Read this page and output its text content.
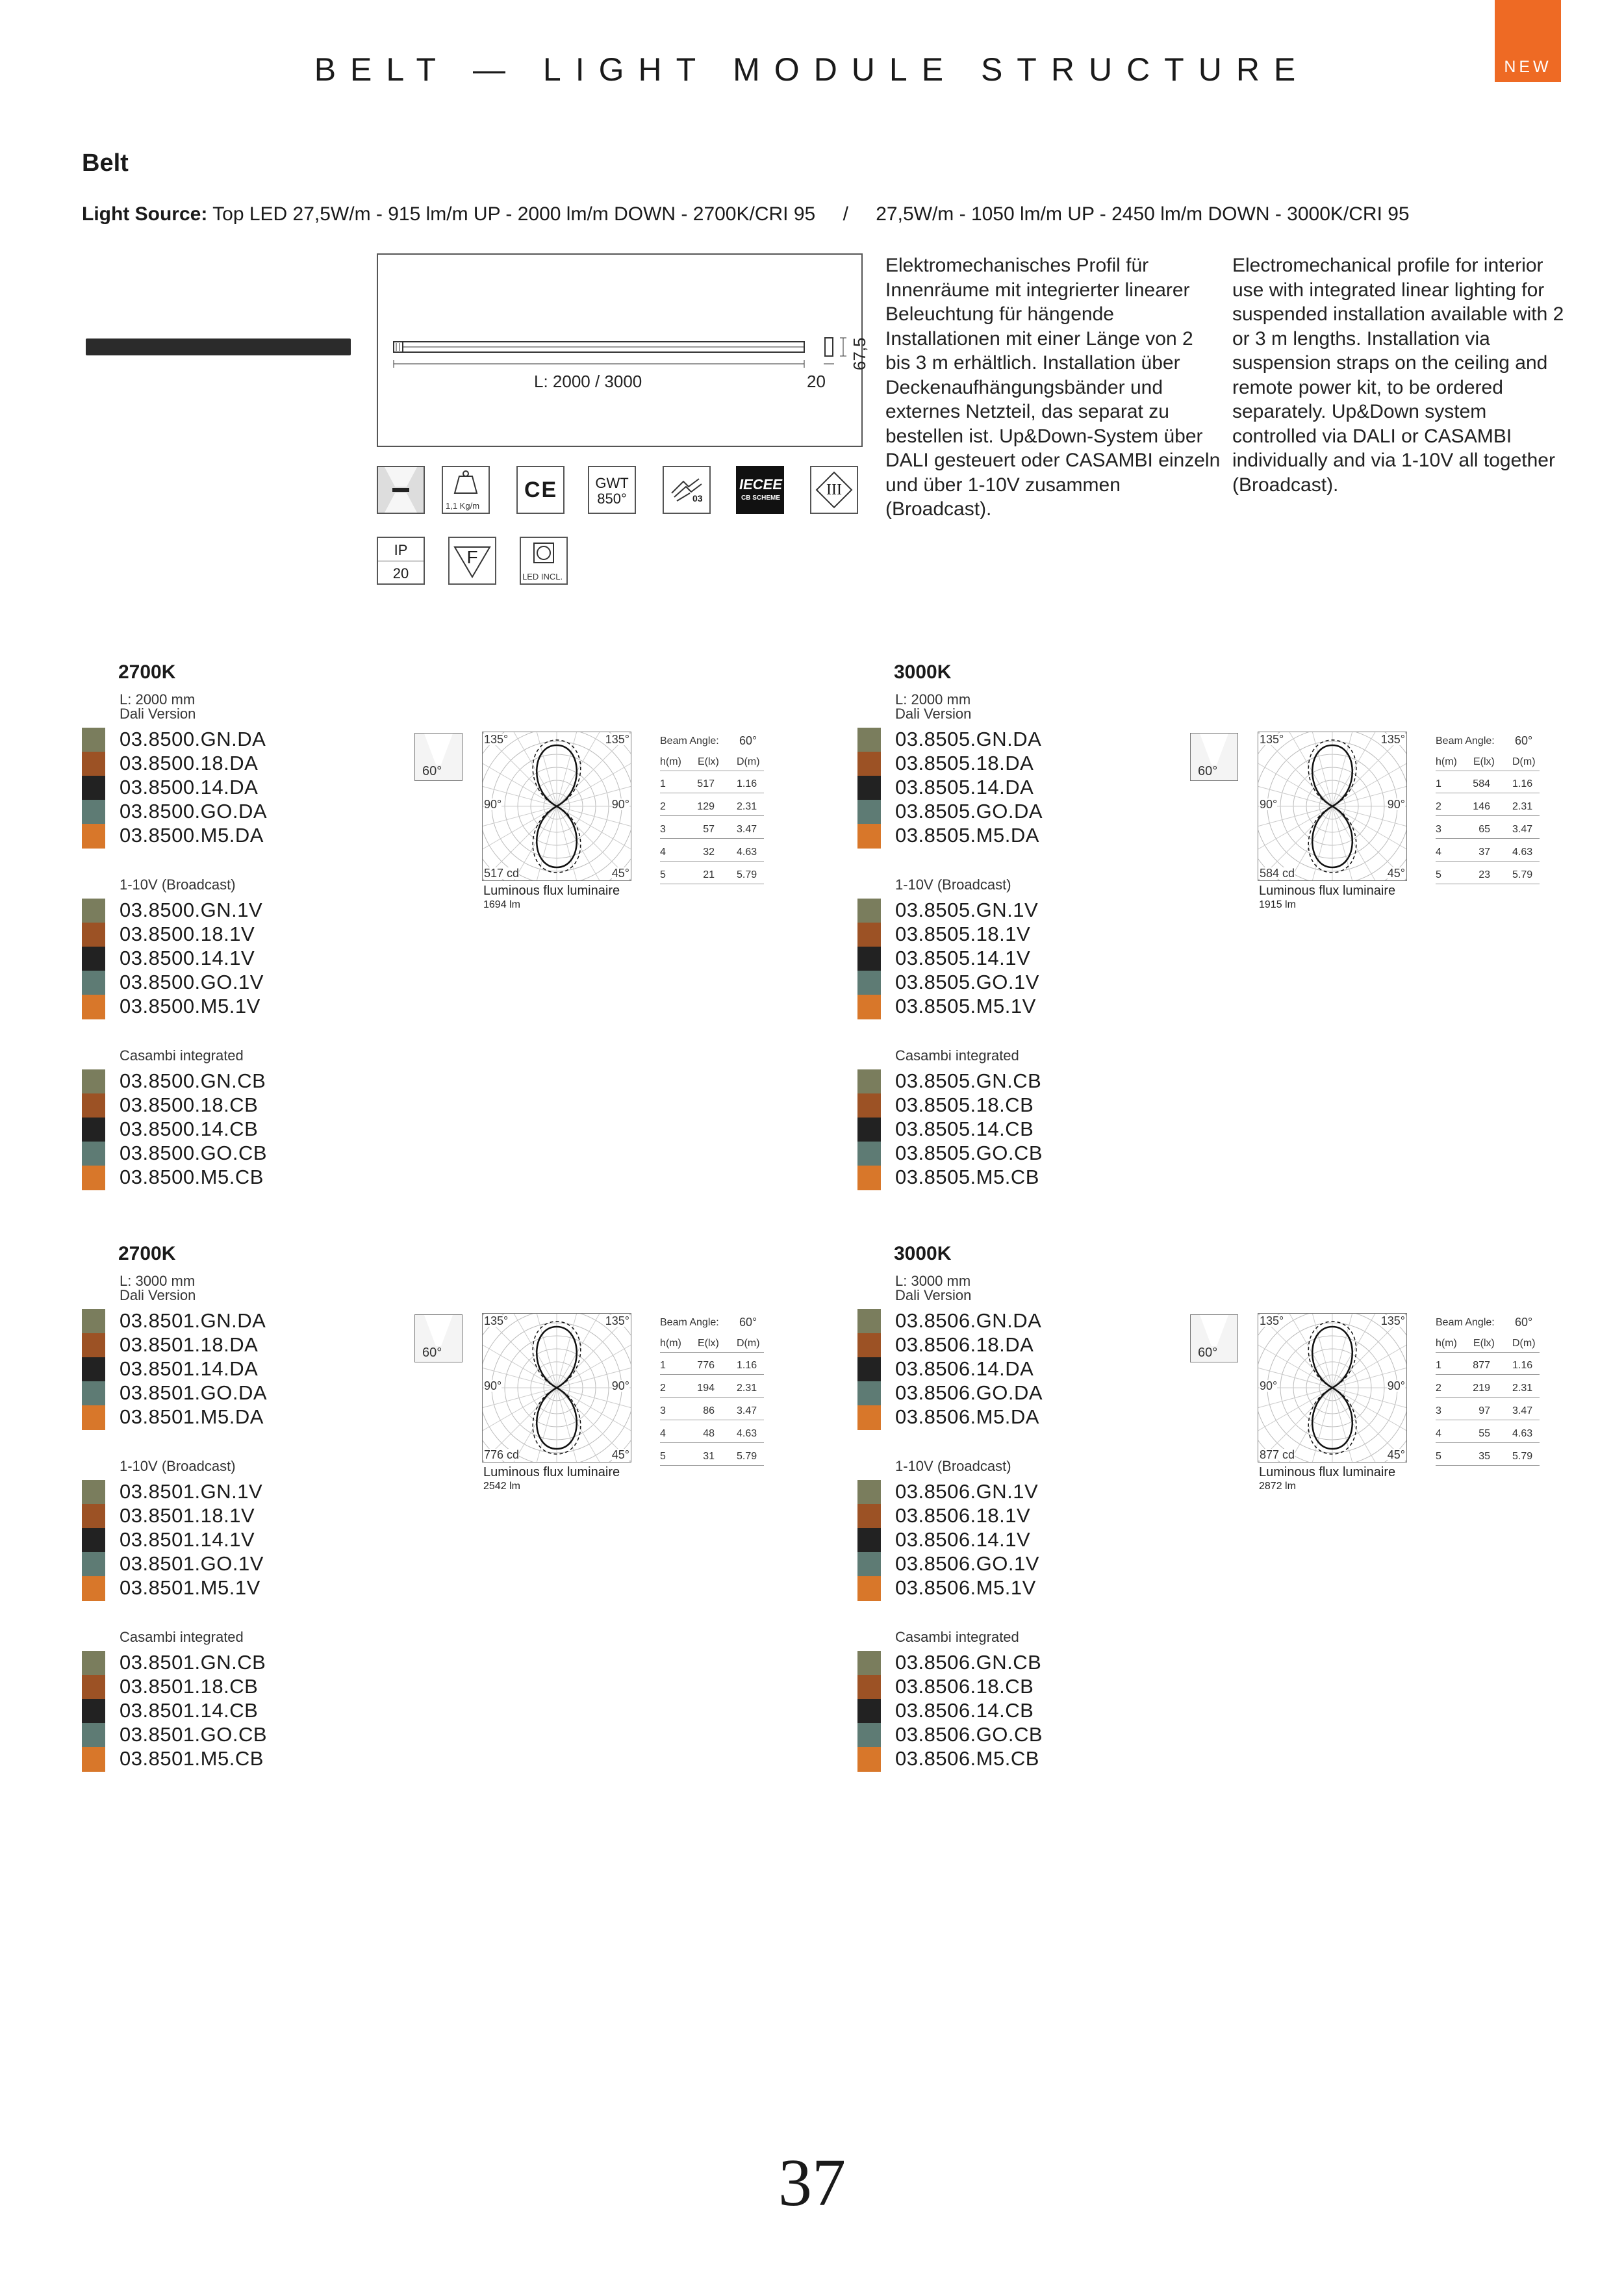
NEW
BELT — LIGHT MODULE STRUCTURE
Belt
Light Source: Top LED 27,5W/m - 915 lm/m UP - 2000 lm/m DOWN - 2700K/CRI 95 / 27,5W/m - 1050 lm/m UP - 2450 lm/m DOWN - 3000K/CRI 95
L: 2000 / 3000	20
67,5
Elektromechanisches Profil für Innenräume mit integrierter linearer Beleuchtung für hängende Installationen mit einer Länge von 2 bis 3 m erhältlich. Installation über Deckenaufhängungsbänder und externes Netzteil, das separat zu bestellen ist. Up&Down-System über DALI gesteuert oder CASAMBI einzeln und über 1-10V zusammen (Broadcast).
Electromechanical profile for interior use with integrated linear lighting for suspended installation available with 2 or 3 m lengths. Installation via suspension straps on the ceiling and remote power kit, to be ordered separately. Up&Down system controlled via DALI or CASAMBI individually and via 1-10V all together (Broadcast).
1,1 Kg/m
CE	GWT
850°	03
IECEE
CB SCHEME	III
IP
20
F
LED INCL.
2700K
L: 2000 mm
Dali Version
03.8500.GN.DA
03.8500.18.DA
03.8500.14.DA
03.8500.GO.DA
03.8500.M5.DA
1-10V (Broadcast)
03.8500.GN.1V
03.8500.18.1V
03.8500.14.1V
03.8500.GO.1V
03.8500.M5.1V
Casambi integrated
03.8500.GN.CB
03.8500.18.CB
03.8500.14.CB
03.8500.GO.CB
03.8500.M5.CB
60°
135°	135°
90°	90°
517 cd	45°
Luminous flux luminaire
1694 lm
Beam Angle: 60°
h(m) E(lx) D(m)
1	517 1.16
2	129 2.31
3	57 3.47
4	32 4.63
5	21 5.79
3000K
L: 2000 mm
Dali Version
03.8505.GN.DA
03.8505.18.DA
03.8505.14.DA
03.8505.GO.DA
03.8505.M5.DA
1-10V (Broadcast)
03.8505.GN.1V
03.8505.18.1V
03.8505.14.1V
03.8505.GO.1V
03.8505.M5.1V
Casambi integrated
03.8505.GN.CB
03.8505.18.CB
03.8505.14.CB
03.8505.GO.CB
03.8505.M5.CB
60°
135°	135°
90°	90°
584 cd	45°
Luminous flux luminaire
1915 lm
Beam Angle: 60°
h(m) E(lx) D(m)
1	584 1.16
2	146 2.31
3	65 3.47
4	37 4.63
5	23 5.79
2700K
L: 3000 mm
Dali Version
03.8501.GN.DA
03.8501.18.DA
03.8501.14.DA
03.8501.GO.DA
03.8501.M5.DA
1-10V (Broadcast)
03.8501.GN.1V
03.8501.18.1V
03.8501.14.1V
03.8501.GO.1V
03.8501.M5.1V
Casambi integrated
03.8501.GN.CB
03.8501.18.CB
03.8501.14.CB
03.8501.GO.CB
03.8501.M5.CB
60°
135°	135°
90°	90°
776 cd	45°
Luminous flux luminaire
2542 lm
Beam Angle: 60°
h(m) E(lx) D(m)
1	776 1.16
2	194 2.31
3	86 3.47
4	48 4.63
5	31 5.79
3000K
L: 3000 mm
Dali Version
03.8506.GN.DA
03.8506.18.DA
03.8506.14.DA
03.8506.GO.DA
03.8506.M5.DA
1-10V (Broadcast)
03.8506.GN.1V
03.8506.18.1V
03.8506.14.1V
03.8506.GO.1V
03.8506.M5.1V
Casambi integrated
03.8506.GN.CB
03.8506.18.CB
03.8506.14.CB
03.8506.GO.CB
03.8506.M5.CB
60°
135°	135°
90°	90°
877 cd	45°
Luminous flux luminaire
2872 lm
Beam Angle: 60°
h(m) E(lx) D(m)
1	877 1.16
2	219 2.31
3	97 3.47
4	55 4.63
5	35 5.79
37
